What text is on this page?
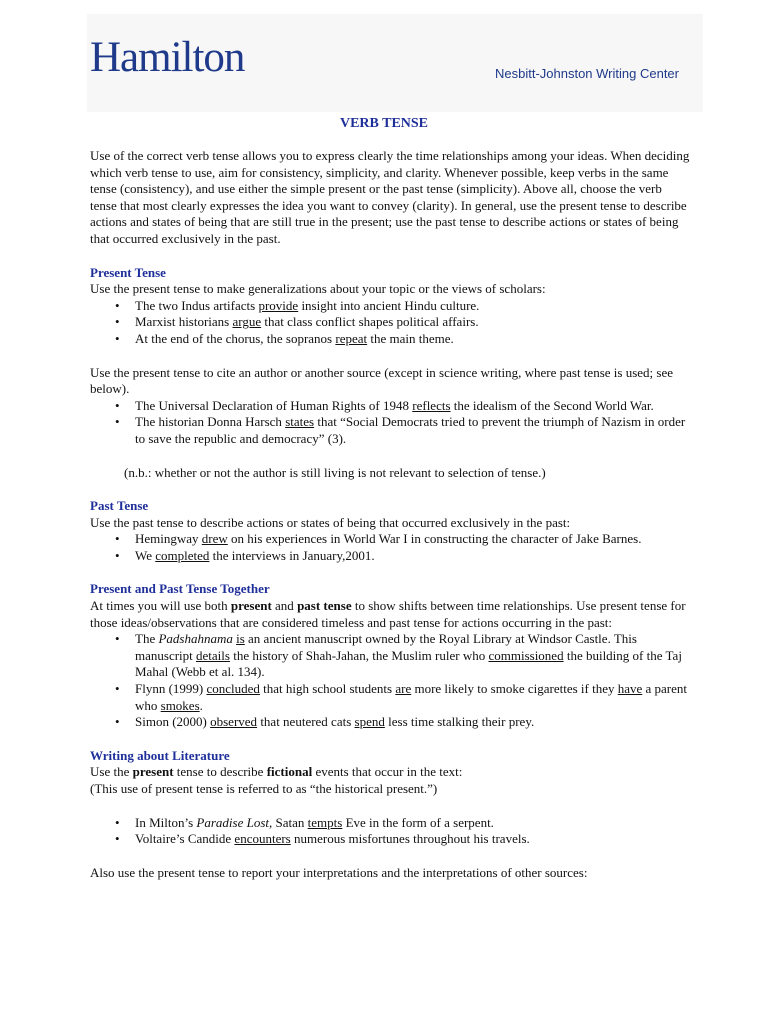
Hamilton	Nesbitt-Johnston Writing Center
VERB TENSE

Use of the correct verb tense allows you to express clearly the time relationships among your ideas. When deciding which verb tense to use, aim for consistency, simplicity, and clarity. Whenever possible, keep verbs in the same tense (consistency), and use either the simple present or the past tense (simplicity). Above all, choose the verb tense that most clearly expresses the idea you want to convey (clarity). In general, use the present tense to describe actions and states of being that are still true in the present; use the past tense to describe actions or states of being that occurred exclusively in the past.

Present Tense

Use the present tense to make generalizations about your topic or the views of scholars:

• The two Indus artifacts provide insight into ancient Hindu culture.
• Marxist historians argue that class conflict shapes political affairs.
• At the end of the chorus, the sopranos repeat the main theme.

Use the present tense to cite an author or another source (except in science writing, where past tense is used; see below).

• The Universal Declaration of Human Rights of 1948 reflects the idealism of the Second World War.
• The historian Donna Harsch states that “Social Democrats tried to prevent the triumph of Nazism in order to save the republic and democracy” (3).

(n.b.: whether or not the author is still living is not relevant to selection of tense.)

Past Tense

Use the past tense to describe actions or states of being that occurred exclusively in the past:

• Hemingway drew on his experiences in World War I in constructing the character of Jake Barnes.
• We completed the interviews in January,2001.

Present and Past Tense Together

At times you will use both present and past tense to show shifts between time relationships. Use present tense for those ideas/observations that are considered timeless and past tense for actions occurring in the past:

• The Padshahnama is an ancient manuscript owned by the Royal Library at Windsor Castle. This manuscript details the history of Shah-Jahan, the Muslim ruler who commissioned the building of the Taj Mahal (Webb et al. 134).
• Flynn (1999) concluded that high school students are more likely to smoke cigarettes if they have a parent who smokes.
• Simon (2000) observed that neutered cats spend less time stalking their prey.

Writing about Literature

Use the present tense to describe fictional events that occur in the text:

(This use of present tense is referred to as “the historical present.”)

• In Milton’s Paradise Lost, Satan tempts Eve in the form of a serpent.
• Voltaire’s Candide encounters numerous misfortunes throughout his travels.

Also use the present tense to report your interpretations and the interpretations of other sources:
